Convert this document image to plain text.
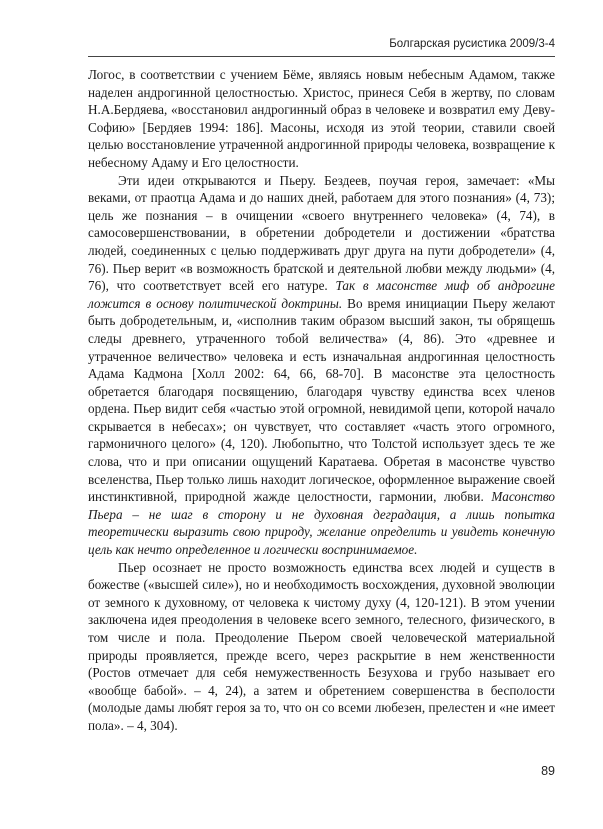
Болгарская русистика 2009/3-4

Логос, в соответствии с учением Бёме, являясь новым небесным Адамом, также наделен андрогинной целостностью. Христос, принеся Себя в жертву, по словам Н.А.Бердяева, «восстановил андрогинный образ в человеке и возвратил ему Деву-Софию» [Бердяев 1994: 186]. Масоны, исходя из этой теории, ставили своей целью восстановление утраченной андрогинной природы человека, возвращение к небесному Адаму и Его целостности.

Эти идеи открываются и Пьеру. Бездеев, поучая героя, замечает: «Мы веками, от праотца Адама и до наших дней, работаем для этого познания» (4, 73); цель же познания – в очищении «своего внутреннего человека» (4, 74), в самосовершенствовании, в обретении добродетели и достижении «братства людей, соединенных с целью поддерживать друг друга на пути добродетели» (4, 76). Пьер верит «в возможность братской и деятельной любви между людьми» (4, 76), что соответствует всей его натуре. Так в масонстве миф об андрогине ложится в основу политической доктрины. Во время инициации Пьеру желают быть добродетельным, и, «исполнив таким образом высший закон, ты обрящешь следы древнего, утраченного тобой величества» (4, 86). Это «древнее и утраченное величество» человека и есть изначальная андрогинная целостность Адама Кадмона [Холл 2002: 64, 66, 68-70]. В масонстве эта целостность обретается благодаря посвящению, благодаря чувству единства всех членов ордена. Пьер видит себя «частью этой огромной, невидимой цепи, которой начало скрывается в небесах»; он чувствует, что составляет «часть этого огромного, гармоничного целого» (4, 120). Любопытно, что Толстой использует здесь те же слова, что и при описании ощущений Каратаева. Обретая в масонстве чувство вселенства, Пьер только лишь находит логическое, оформленное выражение своей инстинктивной, природной жажде целостности, гармонии, любви. Масонство Пьера – не шаг в сторону и не духовная деградация, а лишь попытка теоретически выразить свою природу, желание определить и увидеть конечную цель как нечто определенное и логически воспринимаемое.

Пьер осознает не просто возможность единства всех людей и существ в божестве («высшей силе»), но и необходимость восхождения, духовной эволюции от земного к духовному, от человека к чистому духу (4, 120-121). В этом учении заключена идея преодоления в человеке всего земного, телесного, физического, в том числе и пола. Преодоление Пьером своей человеческой материальной природы проявляется, прежде всего, через раскрытие в нем женственности (Ростов отмечает для себя немужественность Безухова и грубо называет его «вообще бабой». – 4, 24), а затем и обретением совершенства в бесполости (молодые дамы любят героя за то, что он со всеми любезен, прелестен и «не имеет пола». – 4, 304).

89
